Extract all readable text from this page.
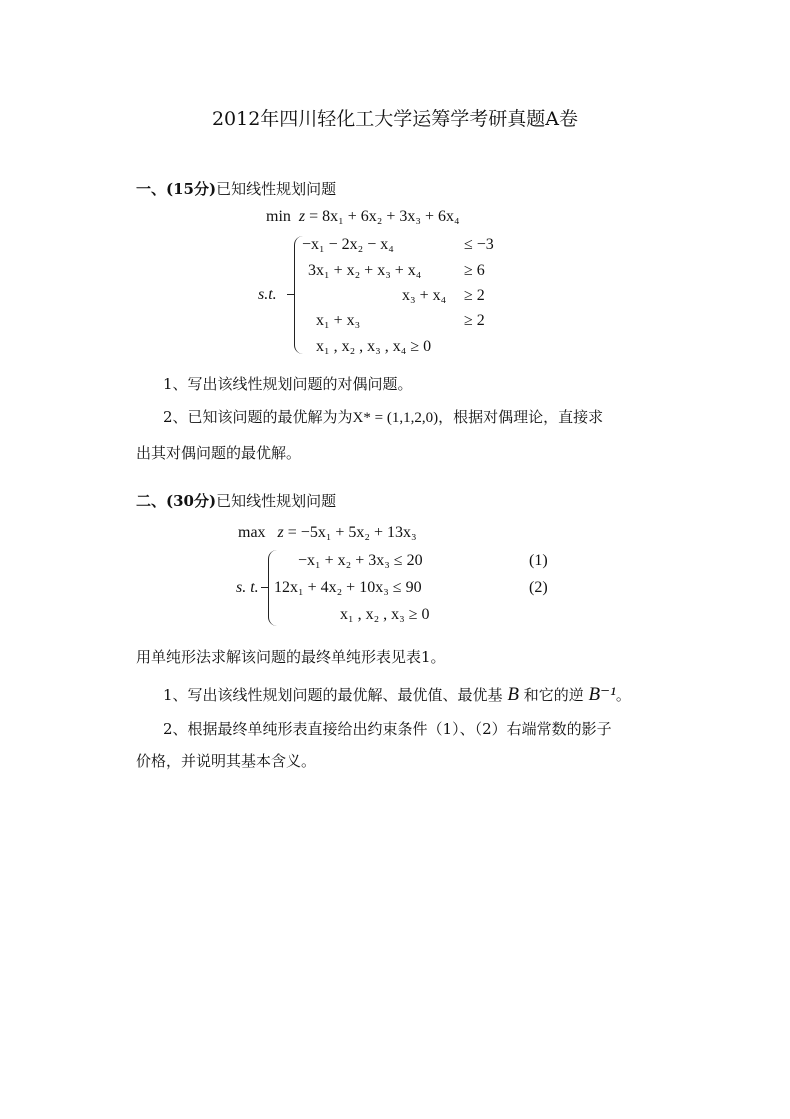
2012年四川轻化工大学运筹学考研真题A卷
一、(15分)已知线性规划问题
min z = 8x₁ + 6x₂ + 3x₃ + 6x₄
s.t.
−x₁ − 2x₂ − x₄	≤ −3
3x₁ + x₂ + x₃ + x₄	≥ 6
x₃ + x₄ ≥ 2
x₁ + x₃	≥ 2
x₁ , x₂ , x₃ , x₄ ≥ 0
1、写出该线性规划问题的对偶问题。
2、已知该问题的最优解为为X* = (1,1,2,0)，根据对偶理论，直接求
出其对偶问题的最优解。
二、(30分)已知线性规划问题
max z = −5x₁ + 5x₂ + 13x₃
s. t.
−x₁ + x₂ + 3x₃ ≤ 20	(1)
12x₁ + 4x₂ + 10x₃ ≤ 90	(2)
x₁ , x₂ , x₃ ≥ 0
用单纯形法求解该问题的最终单纯形表见表1。
1、写出该线性规划问题的最优解、最优值、最优基 B 和它的逆 B⁻¹。
2、根据最终单纯形表直接给出约束条件（1）、（2）右端常数的影子
价格，并说明其基本含义。
